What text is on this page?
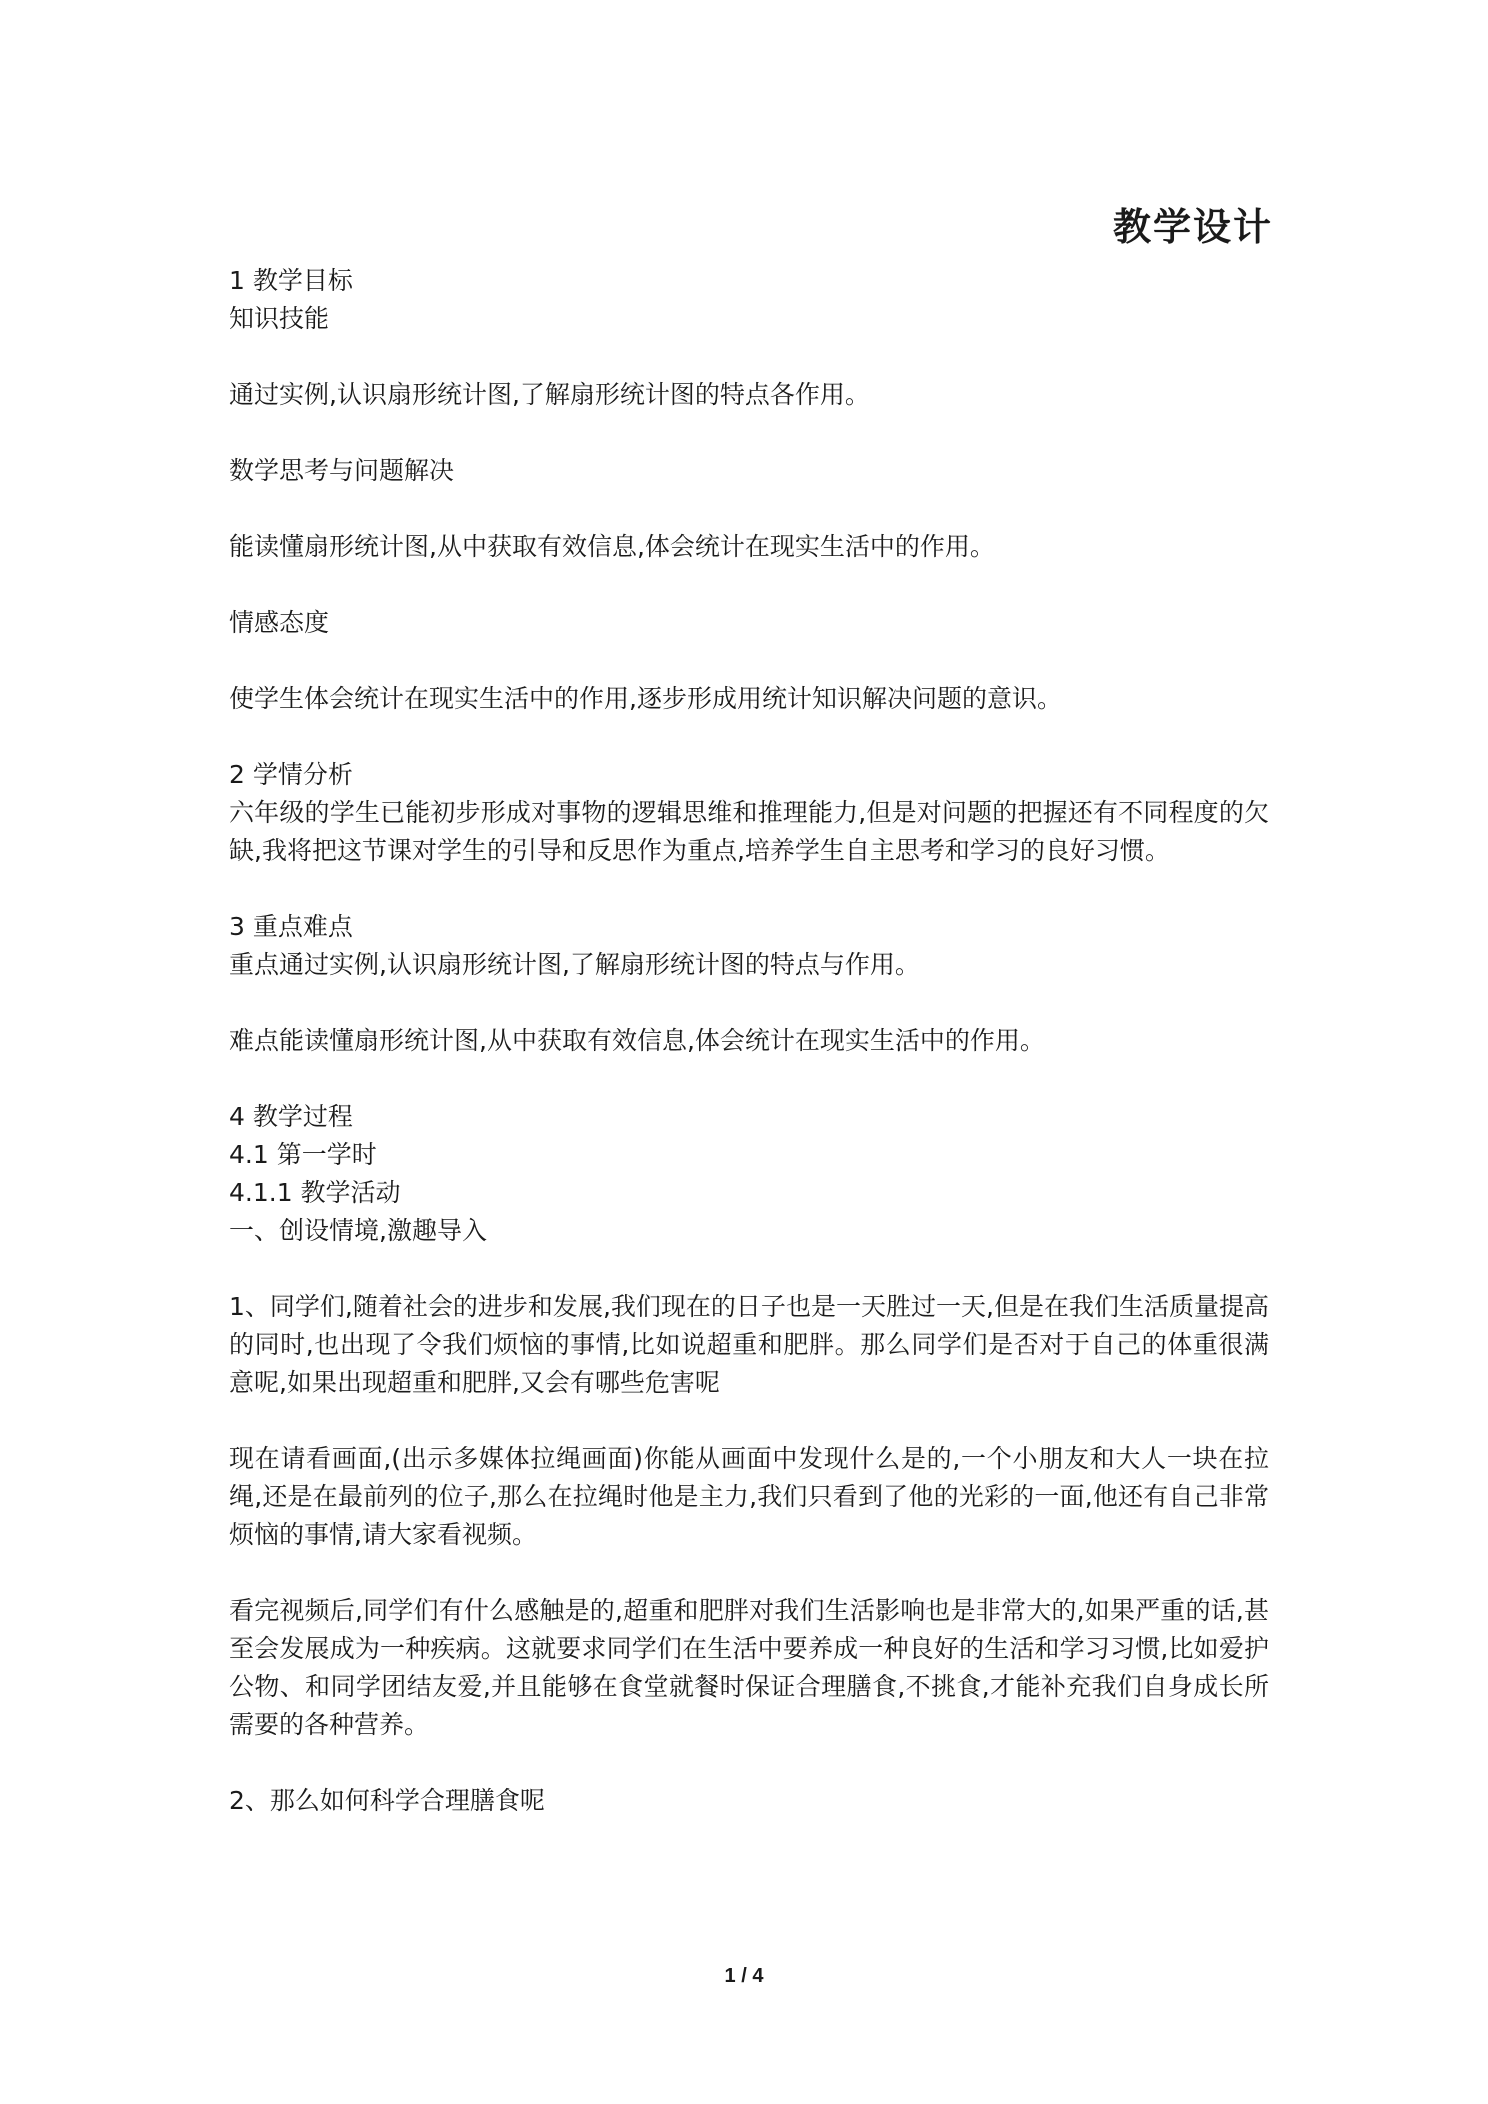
教学设计

1 教学目标

知识技能

通过实例,认识扇形统计图,了解扇形统计图的特点各作用。

数学思考与问题解决

能读懂扇形统计图,从中获取有效信息,体会统计在现实生活中的作用。

情感态度

使学生体会统计在现实生活中的作用,逐步形成用统计知识解决问题的意识。

2 学情分析

六年级的学生已能初步形成对事物的逻辑思维和推理能力,但是对问题的把握还有不同程度的欠缺,我将把这节课对学生的引导和反思作为重点,培养学生自主思考和学习的良好习惯。

3 重点难点

重点通过实例,认识扇形统计图,了解扇形统计图的特点与作用。

难点能读懂扇形统计图,从中获取有效信息,体会统计在现实生活中的作用。

4 教学过程

4.1 第一学时

4.1.1 教学活动

一、创设情境,激趣导入

1、同学们,随着社会的进步和发展,我们现在的日子也是一天胜过一天,但是在我们生活质量提高的同时,也出现了令我们烦恼的事情,比如说超重和肥胖。那么同学们是否对于自己的体重很满意呢,如果出现超重和肥胖,又会有哪些危害呢

现在请看画面,(出示多媒体拉绳画面)你能从画面中发现什么是的,一个小朋友和大人一块在拉绳,还是在最前列的位子,那么在拉绳时他是主力,我们只看到了他的光彩的一面,他还有自己非常烦恼的事情,请大家看视频。

看完视频后,同学们有什么感触是的,超重和肥胖对我们生活影响也是非常大的,如果严重的话,甚至会发展成为一种疾病。这就要求同学们在生活中要养成一种良好的生活和学习习惯,比如爱护公物、和同学团结友爱,并且能够在食堂就餐时保证合理膳食,不挑食,才能补充我们自身成长所需要的各种营养。

2、那么如何科学合理膳食呢

1 / 4
